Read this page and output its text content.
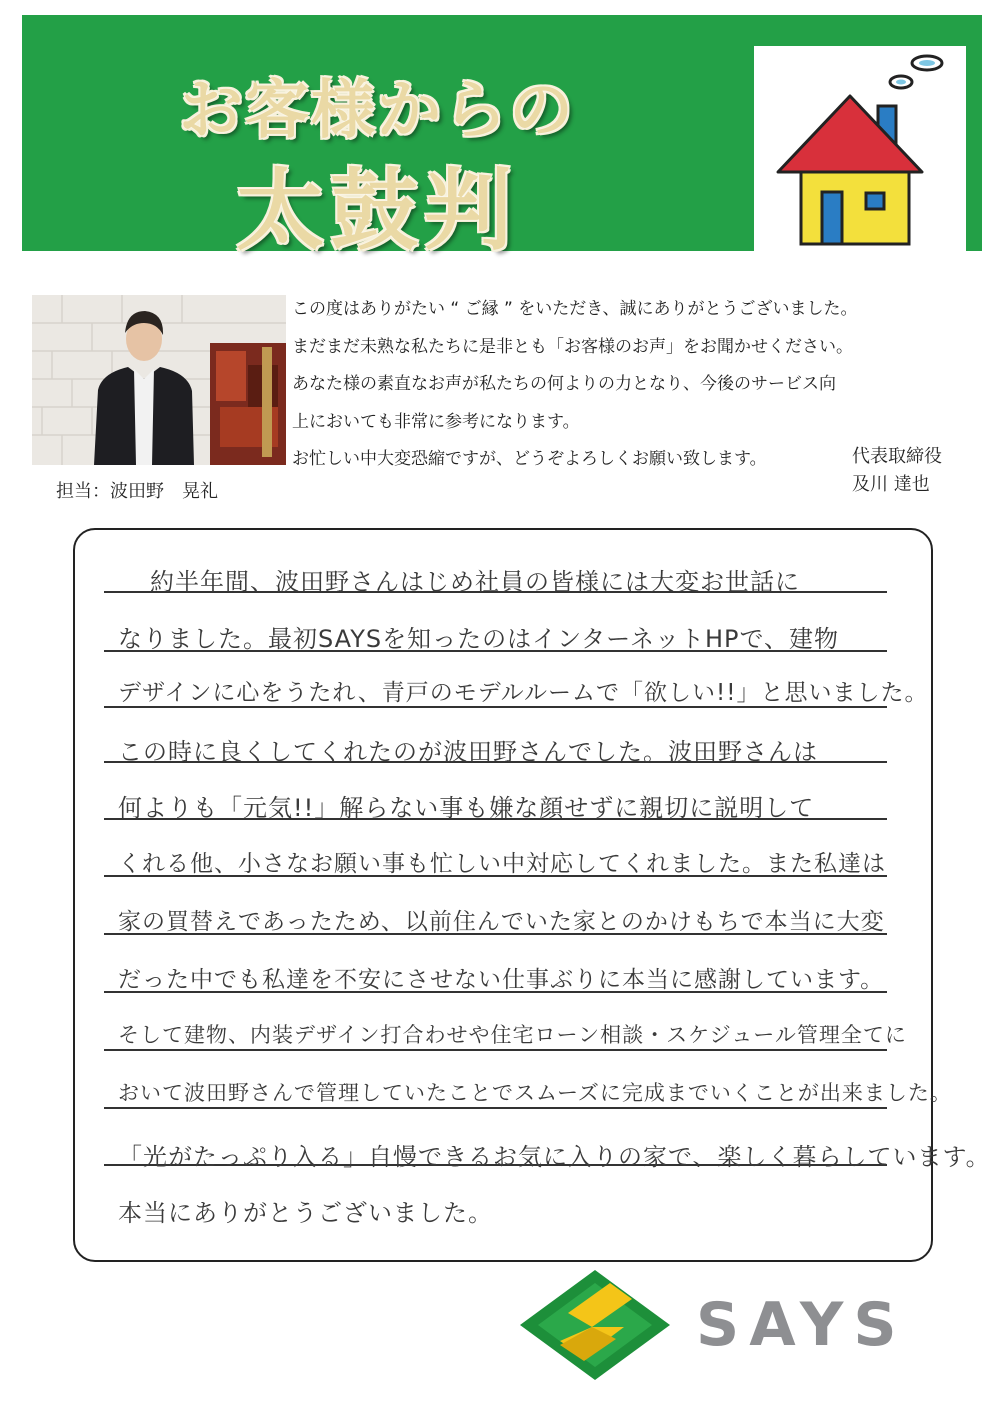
お客様からの
太鼓判

この度はありがたい “ ご縁 ” をいただき、誠にありがとうございました。

まだまだ未熟な私たちに是非とも「お客様のお声」をお聞かせください。

あなた様の素直なお声が私たちの何よりの力となり、今後のサービス向

上においても非常に参考になります。

お忙しい中大変恐縮ですが、どうぞよろしくお願い致します。

担当：波田野　晃礼
代表取締役
及川 達也
約半年間、波田野さんはじめ社員の皆様には大変お世話に
なりました。最初SAYSを知ったのはインターネットHPで、建物
デザインに心をうたれ、青戸のモデルルームで「欲しい!!」と思いました。
この時に良くしてくれたのが波田野さんでした。波田野さんは
何よりも「元気!!」解らない事も嫌な顔せずに親切に説明して
くれる他、小さなお願い事も忙しい中対応してくれました。また私達は
家の買替えであったため、以前住んでいた家とのかけもちで本当に大変
だった中でも私達を不安にさせない仕事ぶりに本当に感謝しています。
そして建物、内装デザイン打合わせや住宅ローン相談・スケジュール管理全てに
おいて波田野さんで管理していたことでスムーズに完成までいくことが出来ました。
「光がたっぷり入る」自慢できるお気に入りの家で、楽しく暮らしています。
本当にありがとうございました。
SAYS
